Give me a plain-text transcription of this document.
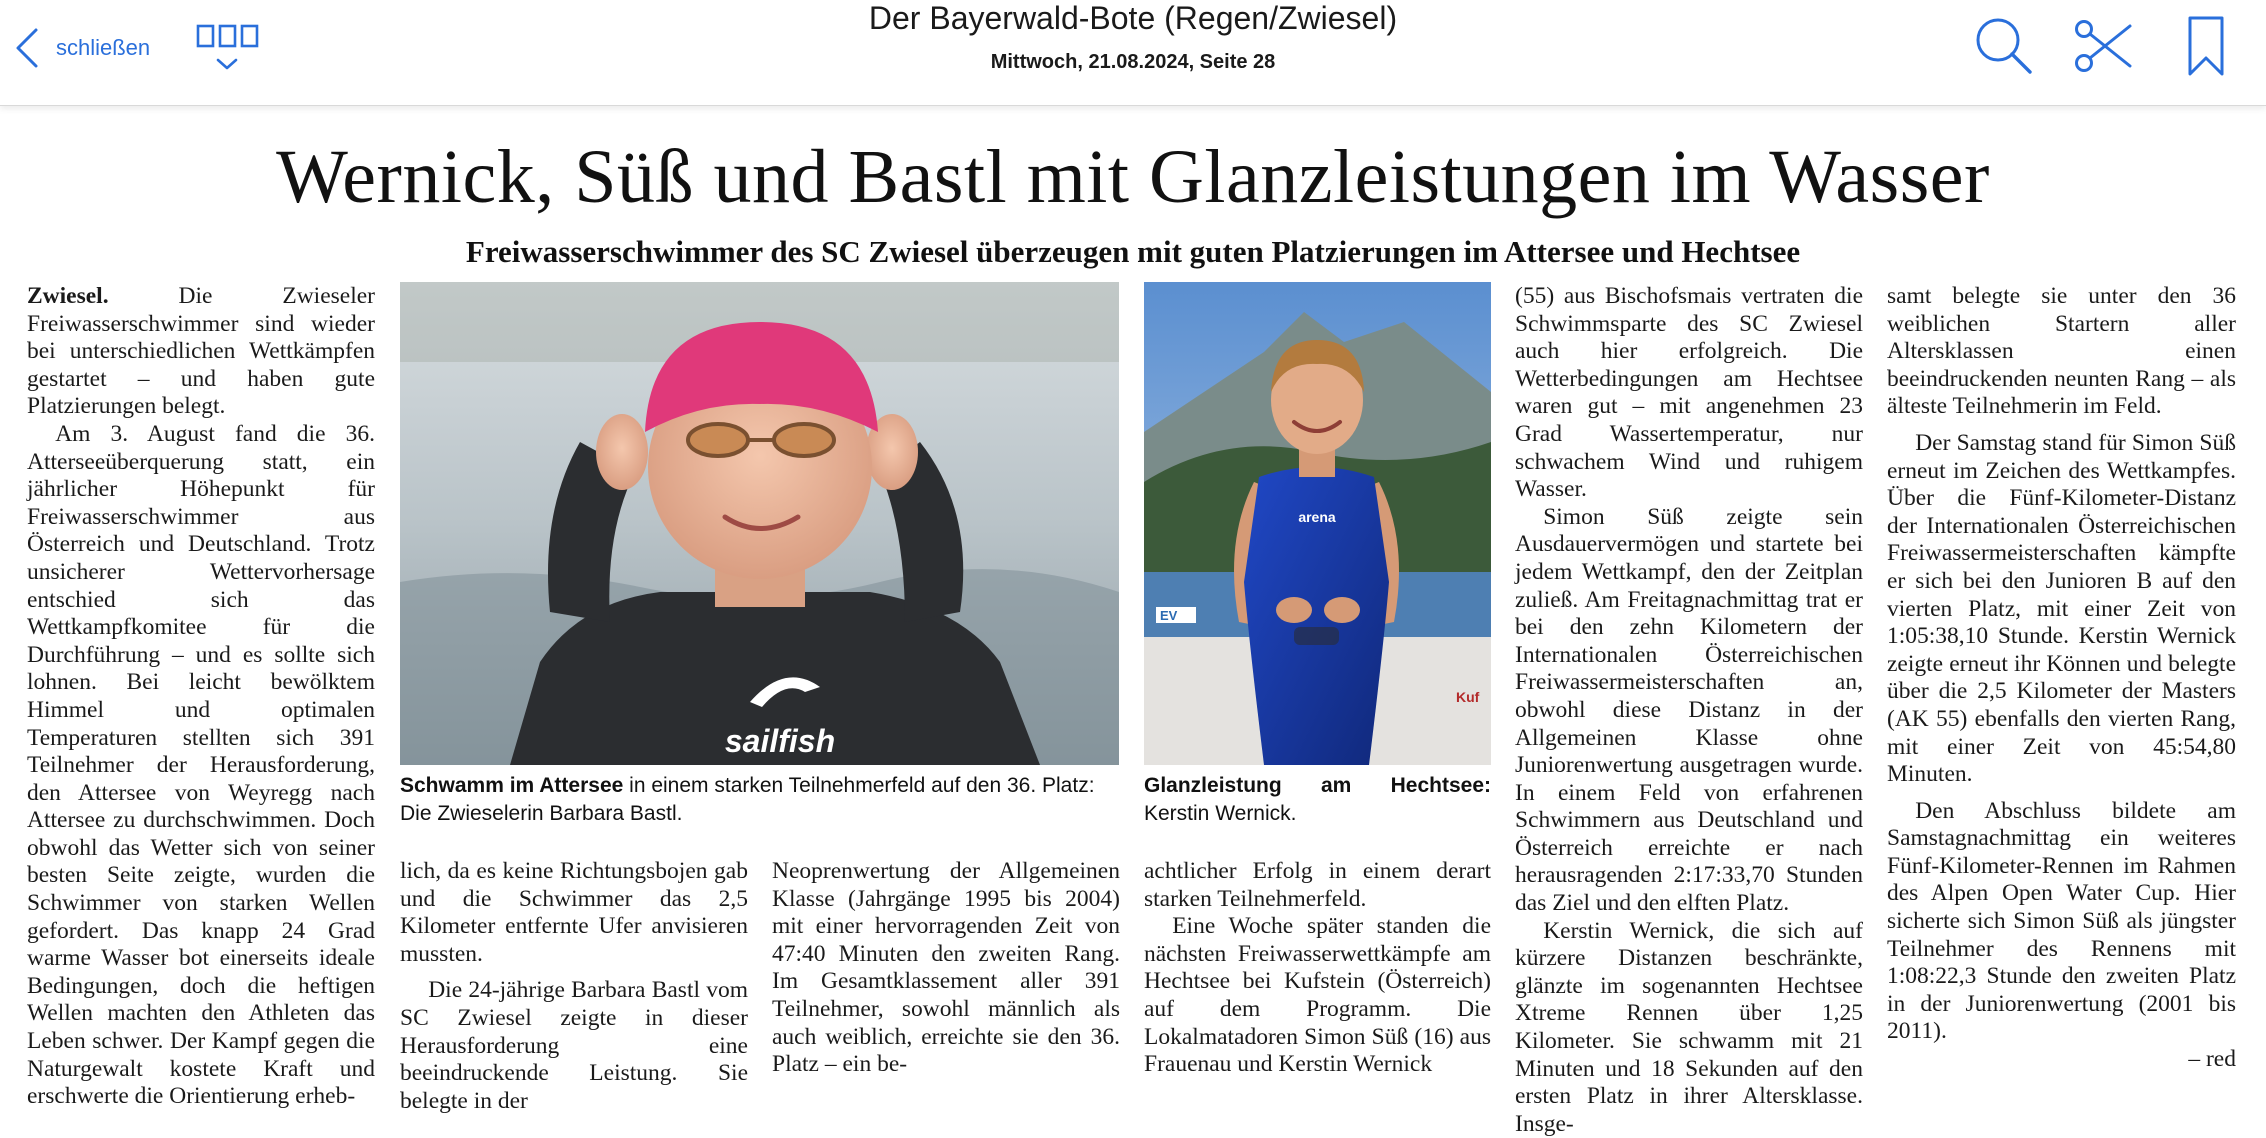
schließen
Der Bayerwald-Bote (Regen/Zwiesel)
Mittwoch, 21.08.2024, Seite 28
Wernick, Süß und Bastl mit Glanzleistungen im Wasser
Freiwasserschwimmer des SC Zwiesel überzeugen mit guten Platzierungen im Attersee und Hechtsee

Zwiesel.	Die Zwieseler Freiwasserschwimmer sind wieder bei unterschiedlichen Wettkämpfen gestartet – und haben gute Platzierungen belegt.

Am 3. August fand die 36. Atterseeüberquerung statt, ein jährlicher Höhepunkt für Freiwasserschwimmer aus Österreich und Deutschland. Trotz unsicherer Wettervorhersage entschied sich das Wettkampfkomitee für die Durchführung – und es sollte sich lohnen. Bei leicht bewölktem Himmel und optimalen Temperaturen stellten sich 391 Teilnehmer der Herausforderung, den Attersee von Weyregg nach Attersee zu durchschwimmen. Doch obwohl das Wetter sich von seiner besten Seite zeigte, wurden die Schwimmer von starken Wellen gefordert. Das knapp 24 Grad warme Wasser bot einerseits ideale Bedingungen, doch die heftigen Wellen machten den Athleten das Leben schwer. Der Kampf gegen die Naturgewalt kostete Kraft und erschwerte die Orientierung erheb-

sailfish
Schwamm im Attersee in einem starken Teilnehmerfeld auf den 36. Platz: Die Zwieselerin Barbara Bastl.
EV
Kuf
arena
Glanzleistung am Hechtsee: Kerstin Wernick.

lich, da es keine Richtungsbojen gab und die Schwimmer das 2,5 Kilometer entfernte Ufer anvisieren mussten.

Die 24-jährige Barbara Bastl vom SC Zwiesel zeigte in dieser Herausforderung eine beeindruckende Leistung. Sie belegte in der

Neoprenwertung der Allgemeinen Klasse (Jahrgänge 1995 bis 2004) mit einer hervorragenden Zeit von 47:40 Minuten den zweiten Rang. Im Gesamtklassement aller 391 Teilnehmer, sowohl männlich als auch weiblich, erreichte sie den 36. Platz – ein be-

achtlicher Erfolg in einem derart starken Teilnehmerfeld.

Eine Woche später standen die nächsten Freiwasserwettkämpfe am Hechtsee bei Kufstein (Österreich) auf dem Programm. Die Lokalmatadoren Simon Süß (16) aus Frauenau und Kerstin Wernick

(55) aus Bischofsmais vertraten die Schwimmsparte des SC Zwiesel auch hier erfolgreich. Die Wetterbedingungen am Hechtsee waren gut – mit angenehmen 23 Grad Wassertemperatur, nur schwachem Wind und ruhigem Wasser.

Simon Süß zeigte sein Ausdauervermögen und startete bei jedem Wettkampf, den der Zeitplan zuließ. Am Freitagnachmittag trat er bei den zehn Kilometern der Internationalen Österreichischen Freiwassermeisterschaften an, obwohl diese Distanz in der Allgemeinen Klasse ohne Juniorenwertung ausgetragen wurde. In einem Feld von erfahrenen Schwimmern aus Deutschland und Österreich erreichte er nach herausragenden 2:17:33,70 Stunden das Ziel und den elften Platz.

Kerstin Wernick, die sich auf kürzere Distanzen beschränkte, glänzte im sogenannten Hechtsee Xtreme Rennen über 1,25 Kilometer. Sie schwamm mit 21 Minuten und 18 Sekunden auf den ersten Platz in ihrer Altersklasse. Insge-

samt belegte sie unter den 36 weiblichen Startern aller Altersklassen einen beeindruckenden neunten Rang – als älteste Teilnehmerin im Feld.

Der Samstag stand für Simon Süß erneut im Zeichen des Wettkampfes. Über die Fünf-Kilometer-Distanz der Internationalen Österreichischen Freiwassermeisterschaften kämpfte er sich bei den Junioren B auf den vierten Platz, mit einer Zeit von 1:05:38,10 Stunde. Kerstin Wernick zeigte erneut ihr Können und belegte über die 2,5 Kilometer der Masters (AK 55) ebenfalls den vierten Rang, mit einer Zeit von 45:54,80 Minuten.

Den Abschluss bildete am Samstagnachmittag ein weiteres Fünf-Kilometer-Rennen im Rahmen des Alpen Open Water Cup. Hier sicherte sich Simon Süß als jüngster Teilnehmer des Rennens mit 1:08:22,3 Stunde den zweiten Platz in der Juniorenwertung (2001 bis 2011).

– red
